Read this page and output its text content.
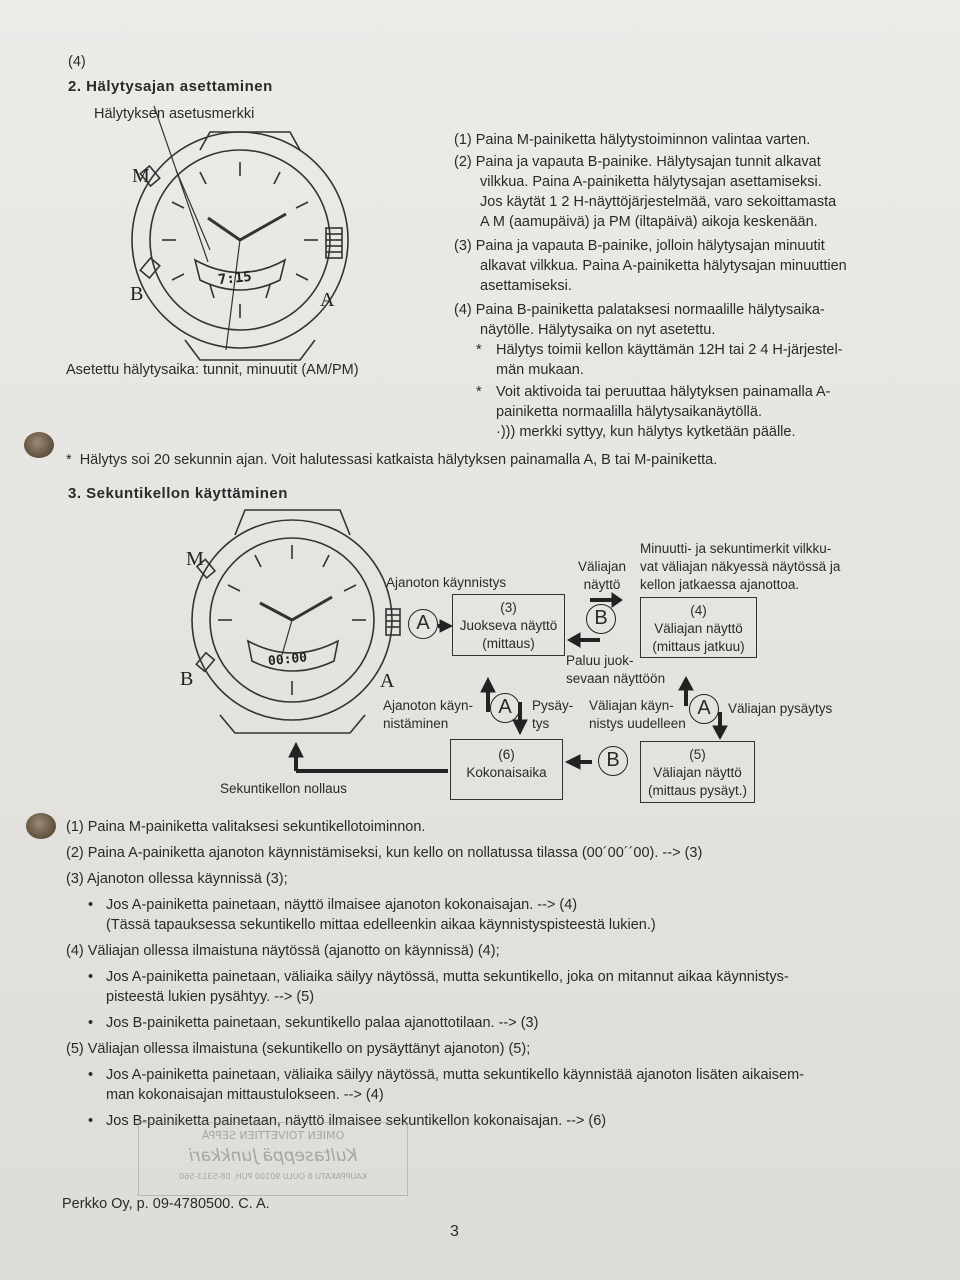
(4)
2. Hälytysajan asettaminen
Hälytyksen asetusmerkki
7:15
M
B	A
Asetettu hälytysaika: tunnit, minuutit (AM/PM)
(1) Paina M-painiketta hälytystoiminnon valintaa varten.
(2) Paina ja vapauta B-painike. Hälytysajan tunnit alkavat
vilkkua. Paina A-painiketta hälytysajan asettamiseksi.
Jos käytät 1 2 H-näyttöjärjestelmää, varo sekoittamasta
A M (aamupäivä) ja PM (iltapäivä) aikoja keskenään.
(3) Paina ja vapauta B-painike, jolloin hälytysajan minuutit
alkavat vilkkua. Paina A-painiketta hälytysajan minuuttien
asettamiseksi.
(4) Paina B-painiketta palataksesi normaalille hälytysaika-
näytölle. Hälytysaika on nyt asetettu.
* Hälytys toimii kellon käyttämän 12H tai 2 4 H-järjestel-
män mukaan.
* Voit aktivoida tai peruuttaa hälytyksen painamalla A-
painiketta normaalilla hälytysaikanäytöllä.
·))) merkki syttyy, kun hälytys kytketään päälle.
*  Hälytys soi 20 sekunnin ajan. Voit halutessasi katkaista hälytyksen painamalla A, B tai M-painiketta.
3. Sekuntikellon käyttäminen
00:00
M
B	A
Ajanoton käynnistys
Väliajan
näyttö
Minuutti- ja sekuntimerkit vilkku-
vat väliajan näkyessä näytössä ja
kellon jatkaessa ajanottoa.
A
(3)
Juokseva näyttö
(mittaus)
B	(4)
Väliajan näyttö
(mittaus jatkuu)
Paluu juok-
sevaan näyttöön
Ajanoton käyn-
nistäminen
A	Pysäy-
tys
Väliajan käyn-
nistys uudelleen
A	Väliajan pysäytys
(6)
Kokonaisaika
B	(5)
Väliajan näyttö
(mittaus pysäyt.)
Sekuntikellon nollaus
(1) Paina M-painiketta valitaksesi sekuntikellotoiminnon.
(2) Paina A-painiketta ajanoton käynnistämiseksi, kun kello on nollatussa tilassa (00´00´´00). --> (3)
(3) Ajanoton ollessa käynnissä (3);
• Jos A-painiketta painetaan, näyttö ilmaisee ajanoton kokonaisajan. --> (4)
(Tässä tapauksessa sekuntikello mittaa edelleenkin aikaa käynnistyspisteestä lukien.)
(4) Väliajan ollessa ilmaistuna näytössä (ajanotto on käynnissä) (4);
• Jos A-painiketta painetaan, väliaika säilyy näytössä, mutta sekuntikello, joka on mitannut aikaa käynnistys-
pisteestä lukien pysähtyy. --> (5)
• Jos B-painiketta painetaan, sekuntikello palaa ajanottotilaan. --> (3)
(5) Väliajan ollessa ilmaistuna (sekuntikello on pysäyttänyt ajanoton) (5);
• Jos A-painiketta painetaan, väliaika säilyy näytössä, mutta sekuntikello käynnistää ajanoton lisäten aikaisem-
man kokonaisajan mittaustulokseen. --> (4)
• Jos B-painiketta painetaan, näyttö ilmaisee sekuntikellon kokonaisajan. --> (6)
OMIEN TOIVETTIEN SEPPÄ
Kultaseppä Junkkari
KAUPPAKATU 8 OULU 90100 PUH. 08-5313-560
Perkko Oy, p. 09-4780500. C. A.
3
